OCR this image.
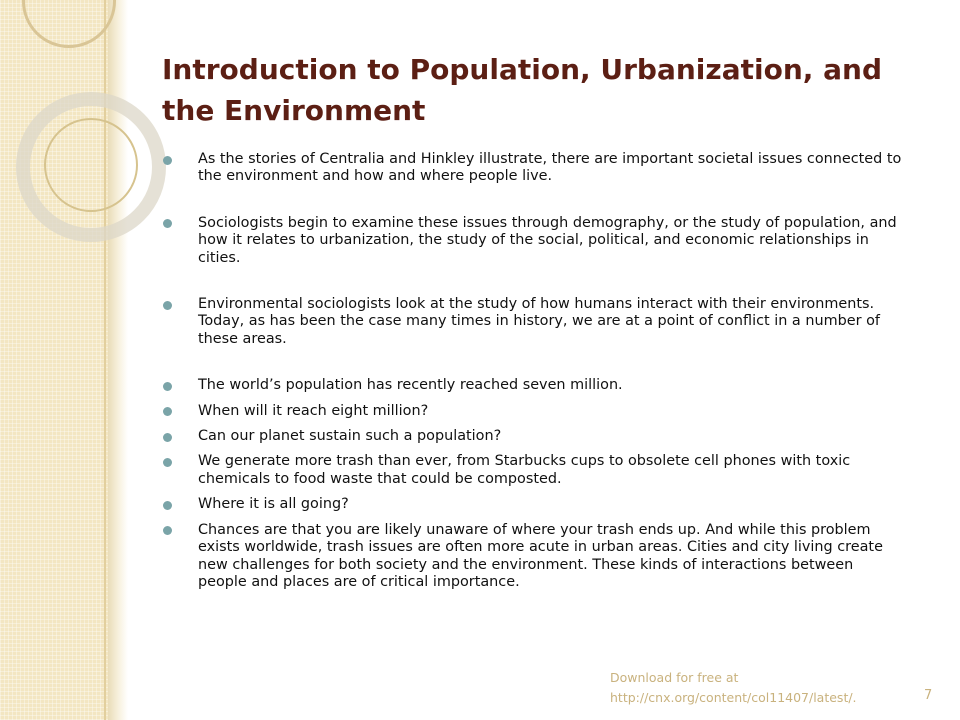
Introduction to Population, Urbanization, and the Environment
As the stories of Centralia and Hinkley illustrate, there are important societal issues connected to the environment and how and where people live.
Sociologists begin to examine these issues through demography, or the study of population, and how it relates to urbanization, the study of the social, political, and economic relationships in cities.
Environmental sociologists look at the study of how humans interact with their environments. Today, as has been the case many times in history, we are at a point of conflict in a number of these areas.
The world’s population has recently reached seven million.
When will it reach eight million?
Can our planet sustain such a population?
We generate more trash than ever, from Starbucks cups to obsolete cell phones with toxic chemicals to food waste that could be composted.
Where it is all going?
Chances are that you are likely unaware of where your trash ends up. And while this problem exists worldwide, trash issues are often more acute in urban areas. Cities and city living create new challenges for both society and the environment. These kinds of interactions between people and places are of critical importance.
Download for free at
http://cnx.org/content/col11407/latest/.	7
